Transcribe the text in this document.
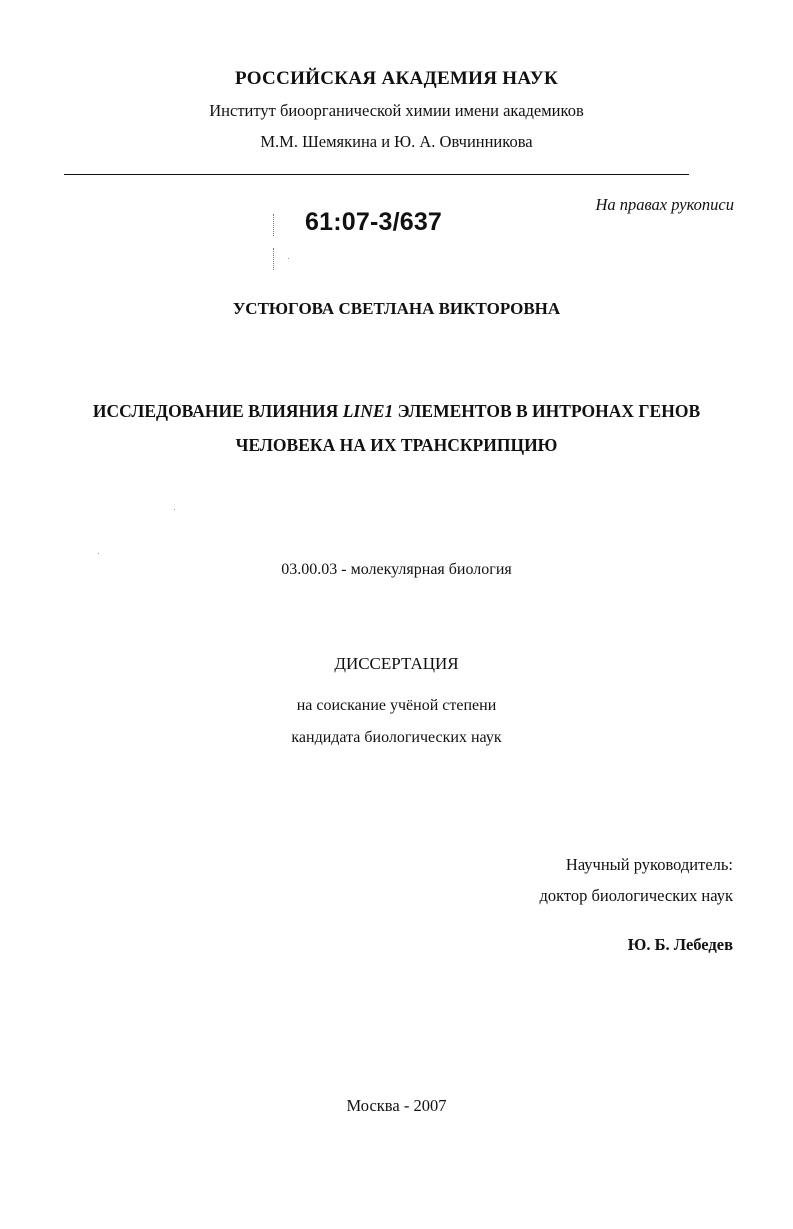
РОССИЙСКАЯ АКАДЕМИЯ НАУК
Институт биоорганической химии имени академиков
М.М. Шемякина и Ю. А. Овчинникова
На правах рукописи
61:07-3/637
УСТЮГОВА СВЕТЛАНА ВИКТОРОВНА
ИССЛЕДОВАНИЕ ВЛИЯНИЯ LINE1 ЭЛЕМЕНТОВ В ИНТРОНАХ ГЕНОВ
ЧЕЛОВЕКА НА ИХ ТРАНСКРИПЦИЮ
03.00.03 - молекулярная биология
ДИССЕРТАЦИЯ
на соискание учёной степени
кандидата биологических наук
Научный руководитель:
доктор биологических наук
Ю. Б. Лебедев
Москва - 2007
